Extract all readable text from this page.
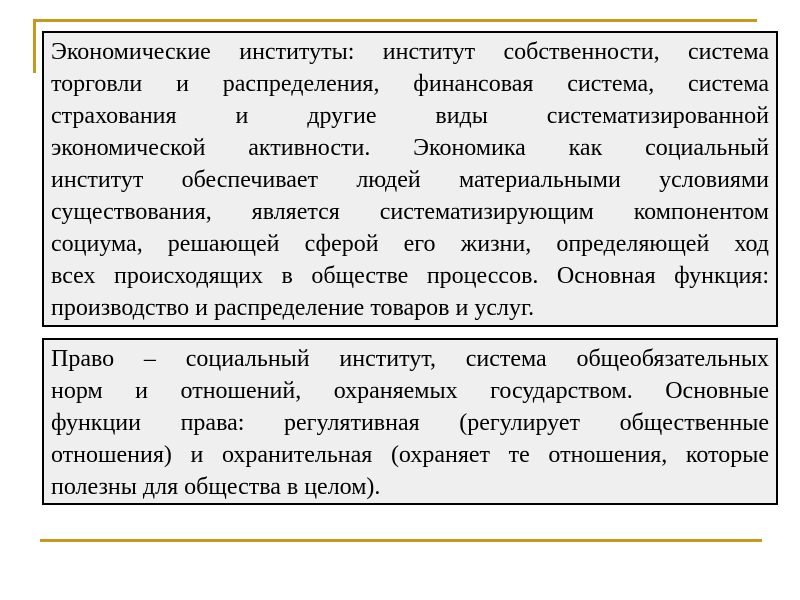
Экономические институты: институт собственности, система
торговли и распределения, финансовая система, система
страхования и другие виды систематизированной
экономической активности. Экономика как социальный
институт обеспечивает людей материальными условиями
существования, является систематизирующим компонентом
социума, решающей сферой его жизни, определяющей ход
всех происходящих в обществе процессов. Основная функция:
производство и распределение товаров и услуг.
Право – социальный институт, система общеобязательных
норм и отношений, охраняемых государством. Основные
функции права: регулятивная (регулирует общественные
отношения) и охранительная (охраняет те отношения, которые
полезны для общества в целом).
